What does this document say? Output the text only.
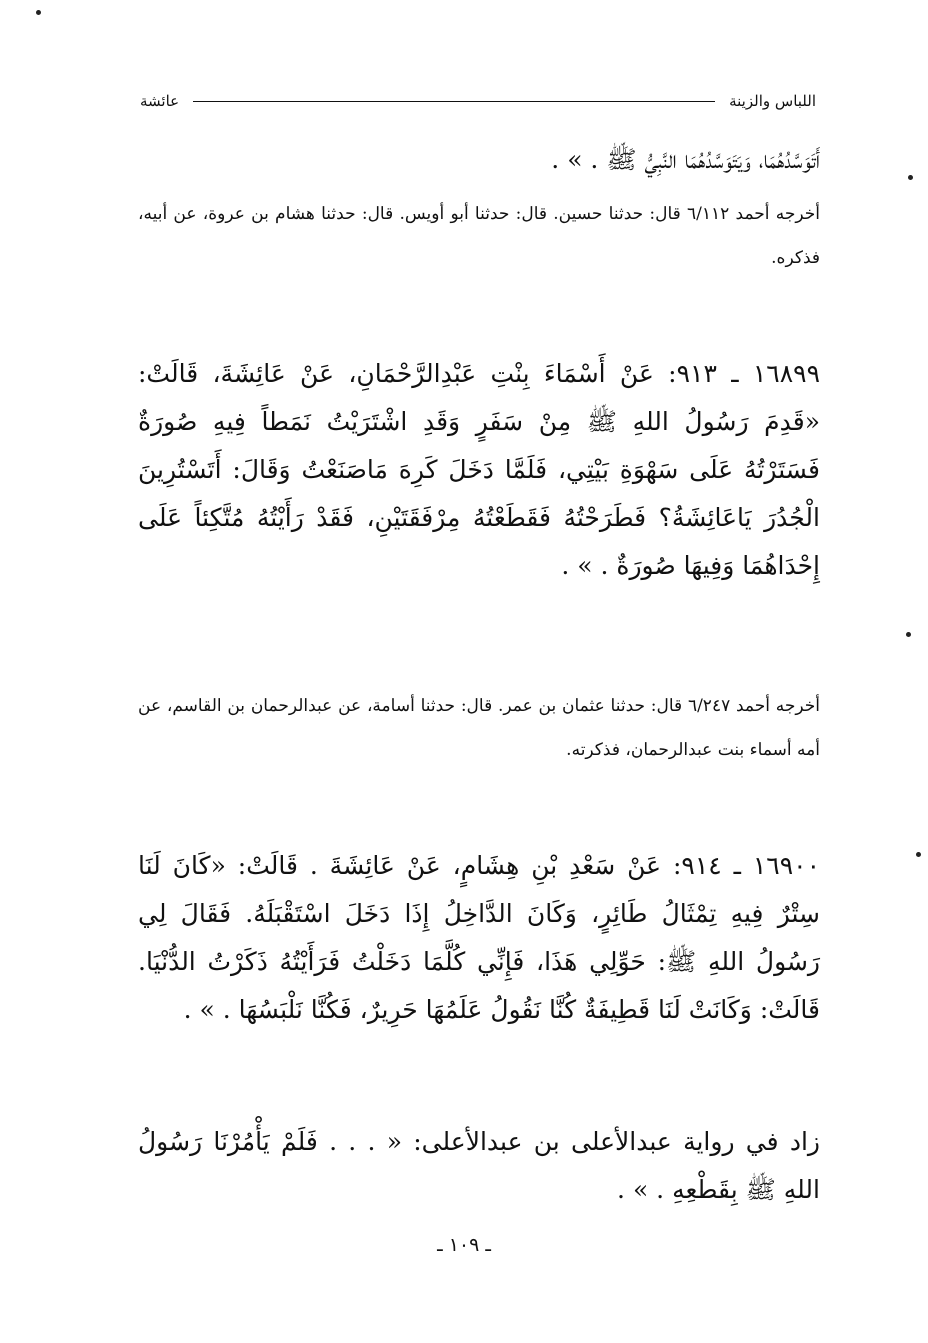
اللباس والزينة
عائشة
أَتَوَسَّدُهُمَا، وَيَتَوَسَّدُهُمَا النَّبِيُّ ﷺ . » .
أخرجه أحمد ٦/١١٢ قال: حدثنا حسين. قال: حدثنا أبو أويس. قال: حدثنا هشام بن عروة، عن أبيه، فذكره.
١٦٨٩٩ ـ ٩١٣: عَنْ أَسْمَاءَ بِنْتِ عَبْدِالرَّحْمَانِ، عَنْ عَائِشَةَ، قَالَتْ: «قَدِمَ رَسُولُ اللهِ ﷺ مِنْ سَفَرٍ وَقَدِ اشْتَرَيْتُ نَمَطاً فِيهِ صُورَةٌ فَسَتَرْتُهُ عَلَى سَهْوَةِ بَيْتِي، فَلَمَّا دَخَلَ كَرِهَ مَاصَنَعْتُ وَقَالَ: أَتَسْتُرِينَ الْجُدُرَ يَاعَائِشَةُ؟ فَطَرَحْتُهُ فَقَطَعْتُهُ مِرْفَقَتَيْنِ، فَقَدْ رَأَيْتُهُ مُتَّكِئاً عَلَى إِحْدَاهُمَا وَفِيهَا صُورَةٌ . » .
أخرجه أحمد ٦/٢٤٧ قال: حدثنا عثمان بن عمر. قال: حدثنا أسامة، عن عبدالرحمان بن القاسم، عن أمه أسماء بنت عبدالرحمان، فذكرته.
١٦٩٠٠ ـ ٩١٤: عَنْ سَعْدِ بْنِ هِشَامٍ، عَنْ عَائِشَةَ . قَالَتْ: «كَانَ لَنَا سِتْرٌ فِيهِ تِمْثَالُ طَائِرٍ، وَكَانَ الدَّاخِلُ إِذَا دَخَلَ اسْتَقْبَلَهُ. فَقَالَ لِي رَسُولُ اللهِ ﷺ: حَوِّلِي هَذَا، فَإِنِّي كُلَّمَا دَخَلْتُ فَرَأَيْتُهُ ذَكَرْتُ الدُّنْيَا. قَالَتْ: وَكَانَتْ لَنَا قَطِيفَةٌ كُنَّا نَقُولُ عَلَمُهَا حَرِيرٌ، فَكُنَّا نَلْبَسُهَا . » .
زاد في رواية عبدالأعلى بن عبدالأعلى: « . . . فَلَمْ يَأْمُرْنَا رَسُولُ اللهِ ﷺ بِقَطْعِهِ . » .
ـ ١٠٩ ـ
